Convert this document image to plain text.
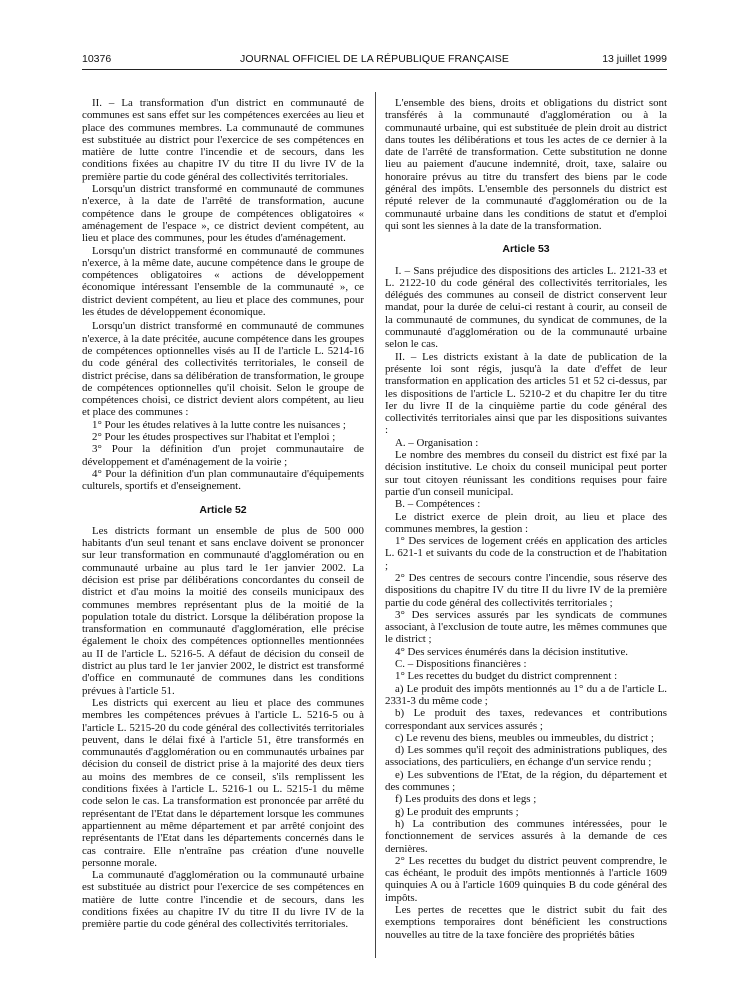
10376	JOURNAL OFFICIEL DE LA RÉPUBLIQUE FRANÇAISE	13 juillet 1999

II. – La transformation d'un district en communauté de communes est sans effet sur les compétences exercées au lieu et place des communes membres. La communauté de communes est substituée au district pour l'exercice de ses compétences en matière de lutte contre l'incendie et de secours, dans les conditions fixées au chapitre IV du titre II du livre IV de la première partie du code général des collectivités territoriales.

Lorsqu'un district transformé en communauté de communes n'exerce, à la date de l'arrêté de transformation, aucune compétence dans le groupe de compétences obligatoires « aménagement de l'espace », ce district devient compétent, au lieu et place des communes, pour les études d'aménagement.

Lorsqu'un district transformé en communauté de communes n'exerce, à la même date, aucune compétence dans le groupe de compétences obligatoires « actions de développement économique intéressant l'ensemble de la communauté », ce district devient compétent, au lieu et place des communes, pour les études de développement économique.

Lorsqu'un district transformé en communauté de communes n'exerce, à la date précitée, aucune compétence dans les groupes de compétences optionnelles visés au II de l'article L. 5214-16 du code général des collectivités territoriales, le conseil de district précise, dans sa délibération de transformation, le groupe de compétences optionnelles qu'il choisit. Selon le groupe de compétences choisi, ce district devient alors compétent, au lieu et place des communes :

1° Pour les études relatives à la lutte contre les nuisances ;

2° Pour les études prospectives sur l'habitat et l'emploi ;

3° Pour la définition d'un projet communautaire de développement et d'aménagement de la voirie ;

4° Pour la définition d'un plan communautaire d'équipements culturels, sportifs et d'enseignement.

Article 52

Les districts formant un ensemble de plus de 500 000 habitants d'un seul tenant et sans enclave doivent se prononcer sur leur transformation en communauté d'agglomération ou en communauté urbaine au plus tard le 1er janvier 2002. La décision est prise par délibérations concordantes du conseil de district et d'au moins la moitié des conseils municipaux des communes membres représentant plus de la moitié de la population totale du district. Lorsque la délibération propose la transformation en communauté d'agglomération, elle précise également le choix des compétences optionnelles mentionnées au II de l'article L. 5216-5. A défaut de décision du conseil de district au plus tard le 1er janvier 2002, le district est transformé d'office en communauté de communes dans les conditions prévues à l'article 51.

Les districts qui exercent au lieu et place des communes membres les compétences prévues à l'article L. 5216-5 ou à l'article L. 5215-20 du code général des collectivités territoriales peuvent, dans le délai fixé à l'article 51, être transformés en communautés d'agglomération ou en communautés urbaines par décision du conseil de district prise à la majorité des deux tiers au moins des membres de ce conseil, s'ils remplissent les conditions fixées à l'article L. 5216-1 ou L. 5215-1 du même code selon le cas. La transformation est prononcée par arrêté du représentant de l'Etat dans le département lorsque les communes appartiennent au même département et par arrêté conjoint des représentants de l'Etat dans les départements concernés dans le cas contraire. Elle n'entraîne pas création d'une nouvelle personne morale.

La communauté d'agglomération ou la communauté urbaine est substituée au district pour l'exercice de ses compétences en matière de lutte contre l'incendie et de secours, dans les conditions fixées au chapitre IV du titre II du livre IV de la première partie du code général des collectivités territoriales.

L'ensemble des biens, droits et obligations du district sont transférés à la communauté d'agglomération ou à la communauté urbaine, qui est substituée de plein droit au district dans toutes les délibérations et tous les actes de ce dernier à la date de l'arrêté de transformation. Cette substitution ne donne lieu au paiement d'aucune indemnité, droit, taxe, salaire ou honoraire prévus au titre du transfert des biens par le code général des impôts. L'ensemble des personnels du district est réputé relever de la communauté d'agglomération ou de la communauté urbaine dans les conditions de statut et d'emploi qui sont les siennes à la date de la transformation.

Article 53

I. – Sans préjudice des dispositions des articles L. 2121-33 et L. 2122-10 du code général des collectivités territoriales, les délégués des communes au conseil de district conservent leur mandat, pour la durée de celui-ci restant à courir, au conseil de la communauté de communes, du syndicat de communes, de la communauté d'agglomération ou de la communauté urbaine selon le cas.

II. – Les districts existant à la date de publication de la présente loi sont régis, jusqu'à la date d'effet de leur transformation en application des articles 51 et 52 ci-dessus, par les dispositions de l'article L. 5210-2 et du chapitre Ier du titre Ier du livre II de la cinquième partie du code général des collectivités territoriales ainsi que par les dispositions suivantes :

A. – Organisation :

Le nombre des membres du conseil du district est fixé par la décision institutive. Le choix du conseil municipal peut porter sur tout citoyen réunissant les conditions requises pour faire partie d'un conseil municipal.

B. – Compétences :

Le district exerce de plein droit, au lieu et place des communes membres, la gestion :

1° Des services de logement créés en application des articles L. 621-1 et suivants du code de la construction et de l'habitation ;

2° Des centres de secours contre l'incendie, sous réserve des dispositions du chapitre IV du titre II du livre IV de la première partie du code général des collectivités territoriales ;

3° Des services assurés par les syndicats de communes associant, à l'exclusion de toute autre, les mêmes communes que le district ;

4° Des services énumérés dans la décision institutive.

C. – Dispositions financières :

1° Les recettes du budget du district comprennent :

a) Le produit des impôts mentionnés au 1° du a de l'article L. 2331-3 du même code ;

b) Le produit des taxes, redevances et contributions correspondant aux services assurés ;

c) Le revenu des biens, meubles ou immeubles, du district ;

d) Les sommes qu'il reçoit des administrations publiques, des associations, des particuliers, en échange d'un service rendu ;

e) Les subventions de l'Etat, de la région, du département et des communes ;

f) Les produits des dons et legs ;

g) Le produit des emprunts ;

h) La contribution des communes intéressées, pour le fonctionnement de services assurés à la demande de ces dernières.

2° Les recettes du budget du district peuvent comprendre, le cas échéant, le produit des impôts mentionnés à l'article 1609 quinquies A ou à l'article 1609 quinquies B du code général des impôts.

Les pertes de recettes que le district subit du fait des exemptions temporaires dont bénéficient les constructions nouvelles au titre de la taxe foncière des propriétés bâties
